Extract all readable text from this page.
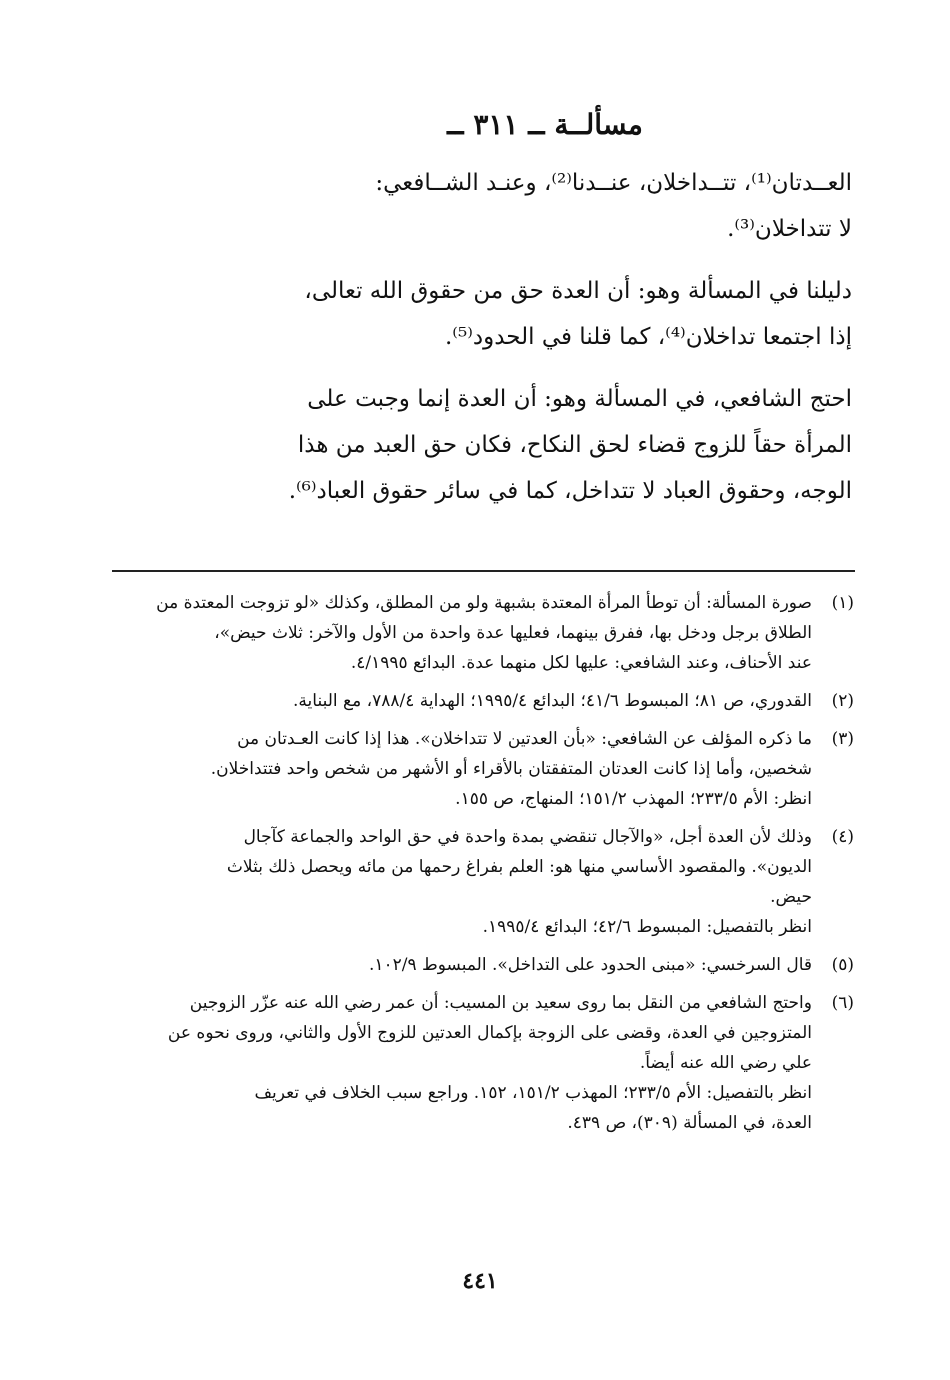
مسألــة ــ ٣١١ ــ

العــدتان⁽¹⁾، تتــداخلان، عنــدنا⁽²⁾، وعنـد الشــافعي:
لا تتداخلان⁽³⁾.

دليلنا في المسألة وهو: أن العدة حق من حقوق الله تعالى،
إذا اجتمعا تداخلان⁽⁴⁾، كما قلنا في الحدود⁽⁵⁾.

احتج الشافعي، في المسألة وهو: أن العدة إنما وجبت على
المرأة حقاً للزوج قضاء لحق النكاح، فكان حق العبد من هذا
الوجه، وحقوق العباد لا تتداخل، كما في سائر حقوق العباد⁽⁶⁾.

(١)
صورة المسألة: أن توطأ المرأة المعتدة بشبهة ولو من المطلق، وكذلك «لو تزوجت المعتدة من
الطلاق برجل ودخل بها، ففرق بينهما، فعليها عدة واحدة من الأول والآخر: ثلاث حيض»،
عند الأحناف، وعند الشافعي: عليها لكل منهما عدة. البدائع ٤/١٩٩٥.
(٢)
القدوري، ص ٨١؛ المبسوط ٤١/٦؛ البدائع ١٩٩٥/٤؛ الهداية ٧٨٨/٤، مع البناية.
(٣)
ما ذكره المؤلف عن الشافعي: «بأن العدتين لا تتداخلان». هذا إذا كانت العـدتان من
شخصين، وأما إذا كانت العدتان المتفقتان بالأقراء أو الأشهر من شخص واحد فتتداخلان.
انظر: الأم ٢٣٣/٥؛ المهذب ١٥١/٢؛ المنهاج، ص ١٥٥.
(٤)
وذلك لأن العدة أجل، «والآجال تنقضي بمدة واحدة في حق الواحد والجماعة كآجال
الديون». والمقصود الأساسي منها هو: العلم بفراغ رحمها من مائه ويحصل ذلك بثلاث
حيض.
انظر بالتفصيل: المبسوط ٤٢/٦؛ البدائع ١٩٩٥/٤.
(٥)
قال السرخسي: «مبنى الحدود على التداخل». المبسوط ١٠٢/٩.
(٦)
واحتج الشافعي من النقل بما روى سعيد بن المسيب: أن عمر رضي الله عنه عزّر الزوجين
المتزوجين في العدة، وقضى على الزوجة بإكمال العدتين للزوج الأول والثاني، وروى نحوه عن
علي رضي الله عنه أيضاً.
انظر بالتفصيل: الأم ٢٣٣/٥؛ المهذب ١٥١/٢، ١٥٢. وراجع سبب الخلاف في تعريف
العدة، في المسألة (٣٠٩)، ص ٤٣٩.
٤٤١
